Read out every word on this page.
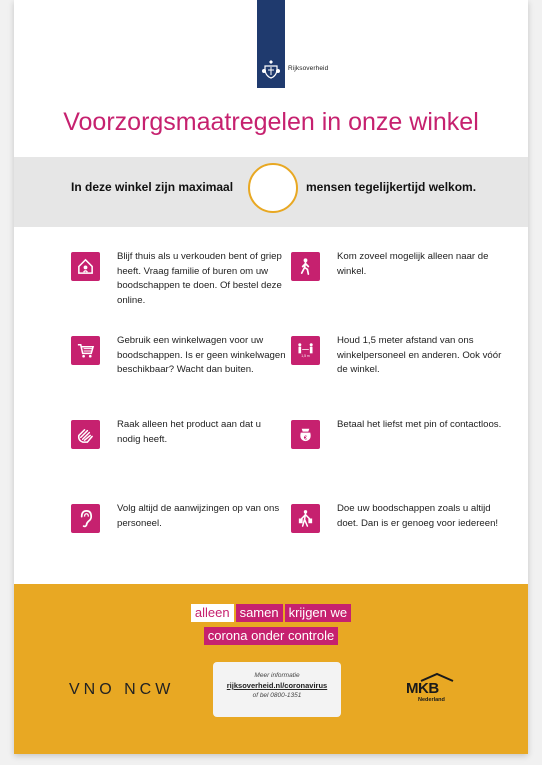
Rijksoverheid
Voorzorgsmaatregelen in onze winkel
In deze winkel zijn maximaal	mensen tegelijkertijd welkom.
Blijf thuis als u verkouden bent of griep heeft. Vraag familie of buren om uw boodschappen te doen. Of bestel deze online.
Kom zoveel mogelijk alleen naar de winkel.
Gebruik een winkelwagen voor uw boodschappen. Is er geen winkelwagen beschikbaar? Wacht dan buiten.
1,5 m
Houd 1,5 meter afstand van ons winkelpersoneel en anderen. Ook vóór de winkel.
Raak alleen het product aan dat u nodig heeft.	€
Betaal het liefst met pin of contactloos.
Volg altijd de aanwijzingen op van ons personeel.
Doe uw boodschappen zoals u altijd doet. Dan is er genoeg voor iedereen!
alleen samen krijgen we
corona onder controle
VNO NCW
Meer informatie
rijksoverheid.nl/coronavirus
of bel 0800-1351	MKB
Nederland
